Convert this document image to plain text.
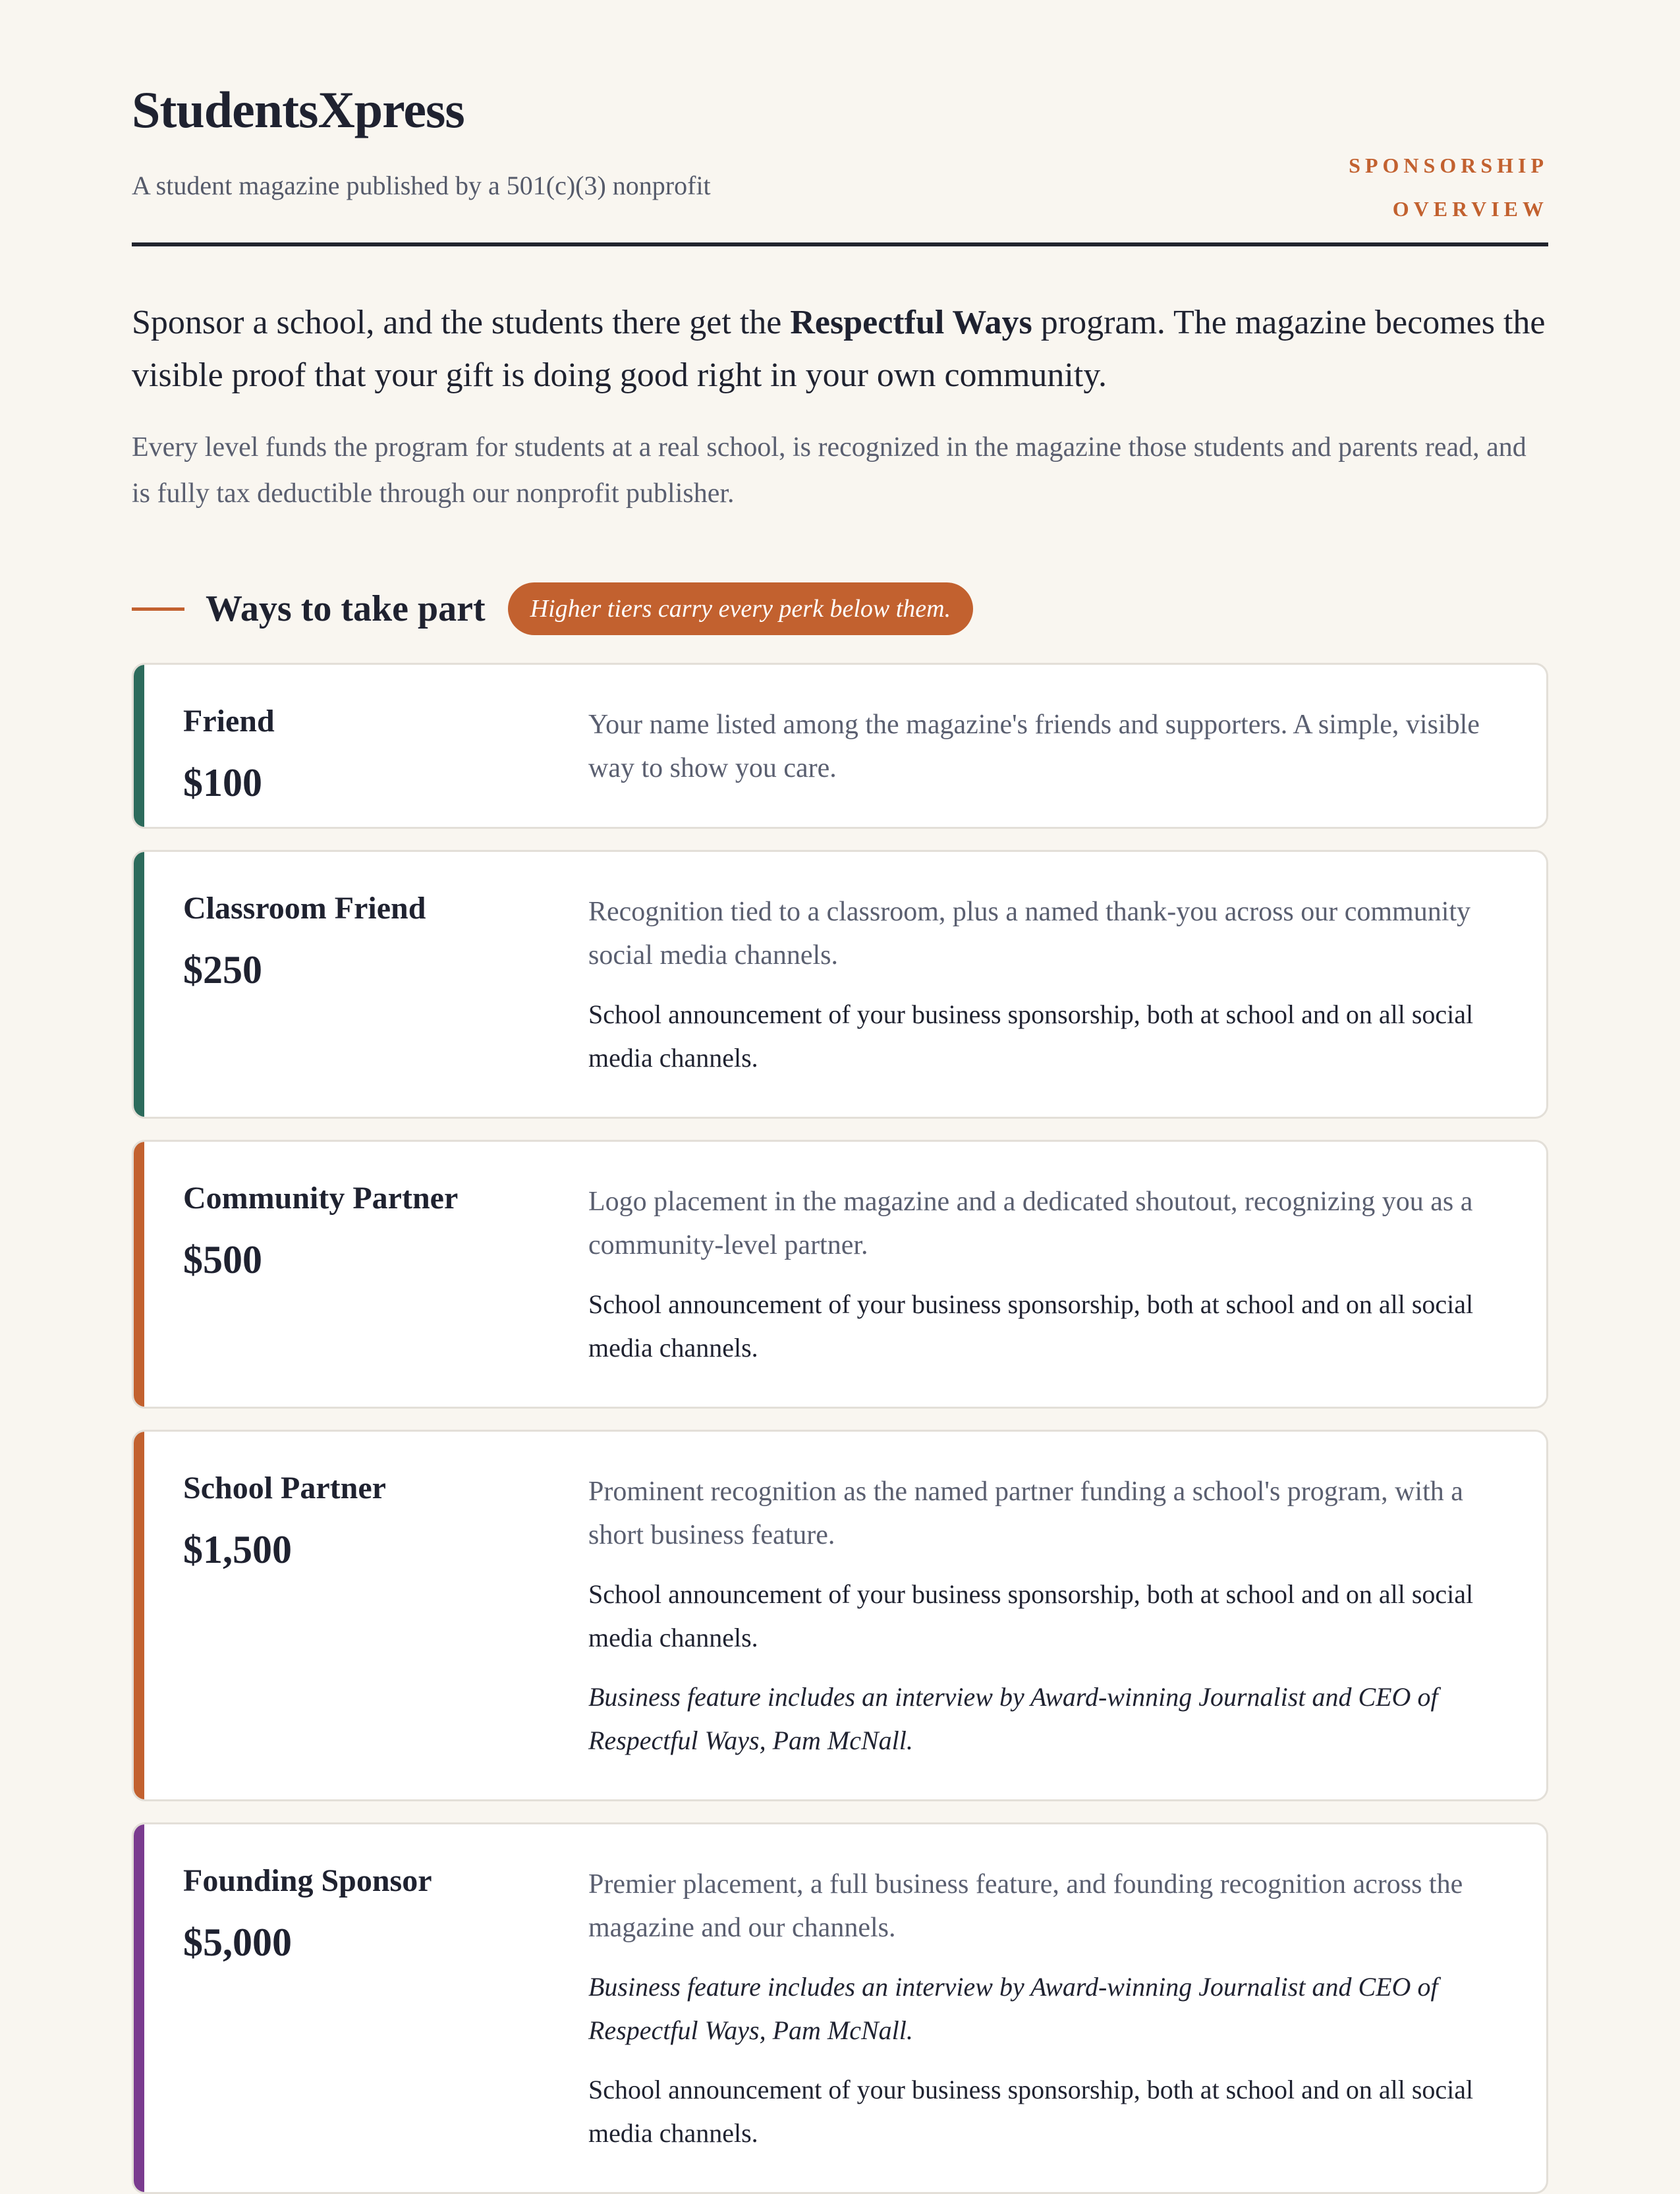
StudentsXpress
A student magazine published by a 501(c)(3) nonprofit
SPONSORSHIP
OVERVIEW

Sponsor a school, and the students there get the Respectful Ways program. The magazine becomes the visible proof that your gift is doing good right in your own community.

Every level funds the program for students at a real school, is recognized in the magazine those students and parents read, and is fully tax deductible through our nonprofit publisher.

Ways to take part	Higher tiers carry every perk below them.
Friend
$100

Your name listed among the magazine's friends and supporters. A simple, visible way to show you care.

Classroom Friend
$250

Recognition tied to a classroom, plus a named thank-you across our community social media channels.

School announcement of your business sponsorship, both at school and on all social media channels.

Community Partner
$500

Logo placement in the magazine and a dedicated shoutout, recognizing you as a community-level partner.

School announcement of your business sponsorship, both at school and on all social media channels.

School Partner
$1,500

Prominent recognition as the named partner funding a school's program, with a short business feature.

School announcement of your business sponsorship, both at school and on all social media channels.

Business feature includes an interview by Award-winning Journalist and CEO of Respectful Ways, Pam McNall.

Founding Sponsor
$5,000

Premier placement, a full business feature, and founding recognition across the magazine and our channels.

Business feature includes an interview by Award-winning Journalist and CEO of Respectful Ways, Pam McNall.

School announcement of your business sponsorship, both at school and on all social media channels.
